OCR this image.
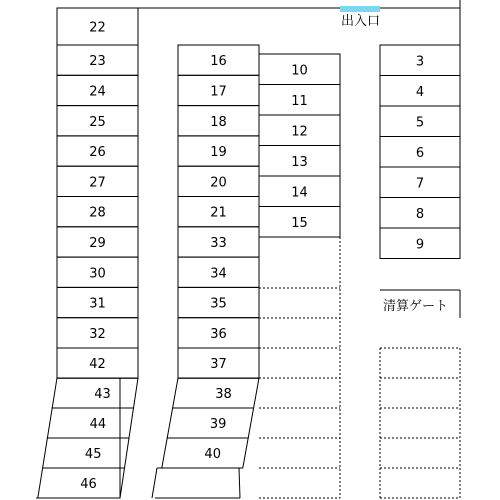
出入口
清算ゲート
22
23
24
25
26
27
28
29
30
31
32
42
43
44
45
46
16
17
18
19
20
21
33
34
35
36
37
38
39
40
10
11
12
13
14
15
3
4
5
6
7
8
9
